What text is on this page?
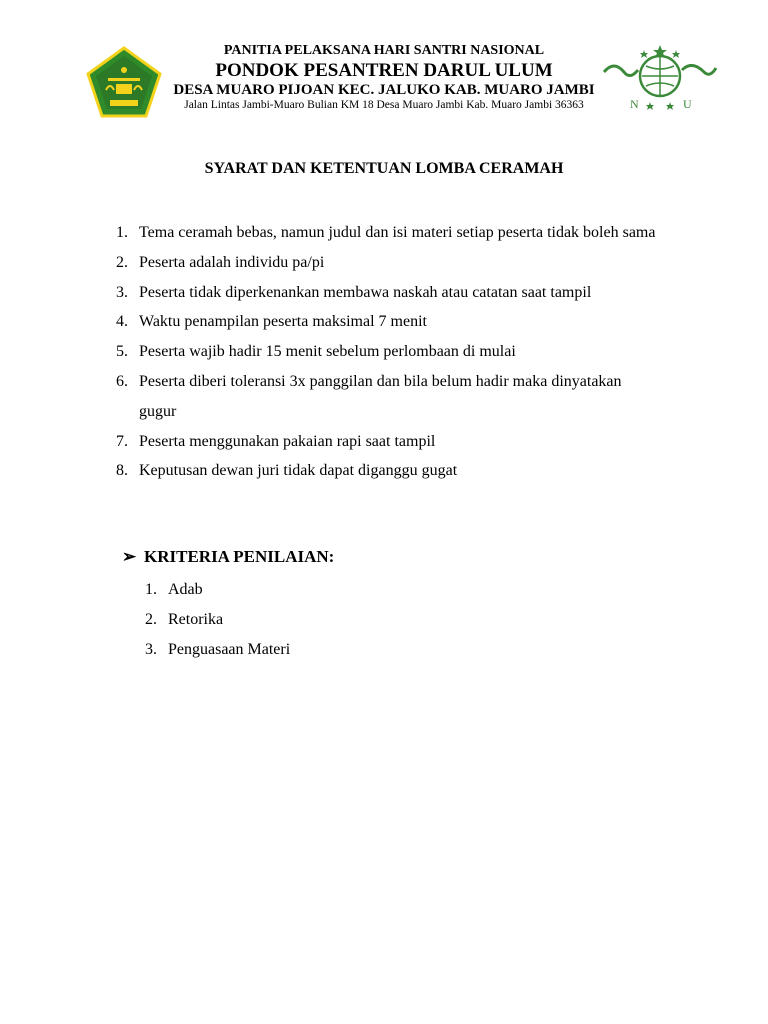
N	U
PANITIA PELAKSANA HARI SANTRI NASIONAL
PONDOK PESANTREN DARUL ULUM
DESA MUARO PIJOAN KEC. JALUKO KAB. MUARO JAMBI
Jalan Lintas Jambi-Muaro Bulian KM 18 Desa Muaro Jambi Kab. Muaro Jambi 36363
SYARAT DAN KETENTUAN LOMBA CERAMAH
1. Tema ceramah bebas, namun judul dan isi materi setiap peserta tidak boleh sama
2. Peserta adalah individu pa/pi
3. Peserta tidak diperkenankan membawa naskah atau catatan saat tampil
4. Waktu penampilan peserta maksimal 7 menit
5. Peserta wajib hadir 15 menit sebelum perlombaan di mulai
6. Peserta diberi toleransi 3x panggilan dan bila belum hadir maka dinyatakan gugur
7. Peserta menggunakan pakaian rapi saat tampil
8. Keputusan dewan juri tidak dapat diganggu gugat
➢ KRITERIA PENILAIAN:
1. Adab
2. Retorika
3. Penguasaan Materi
